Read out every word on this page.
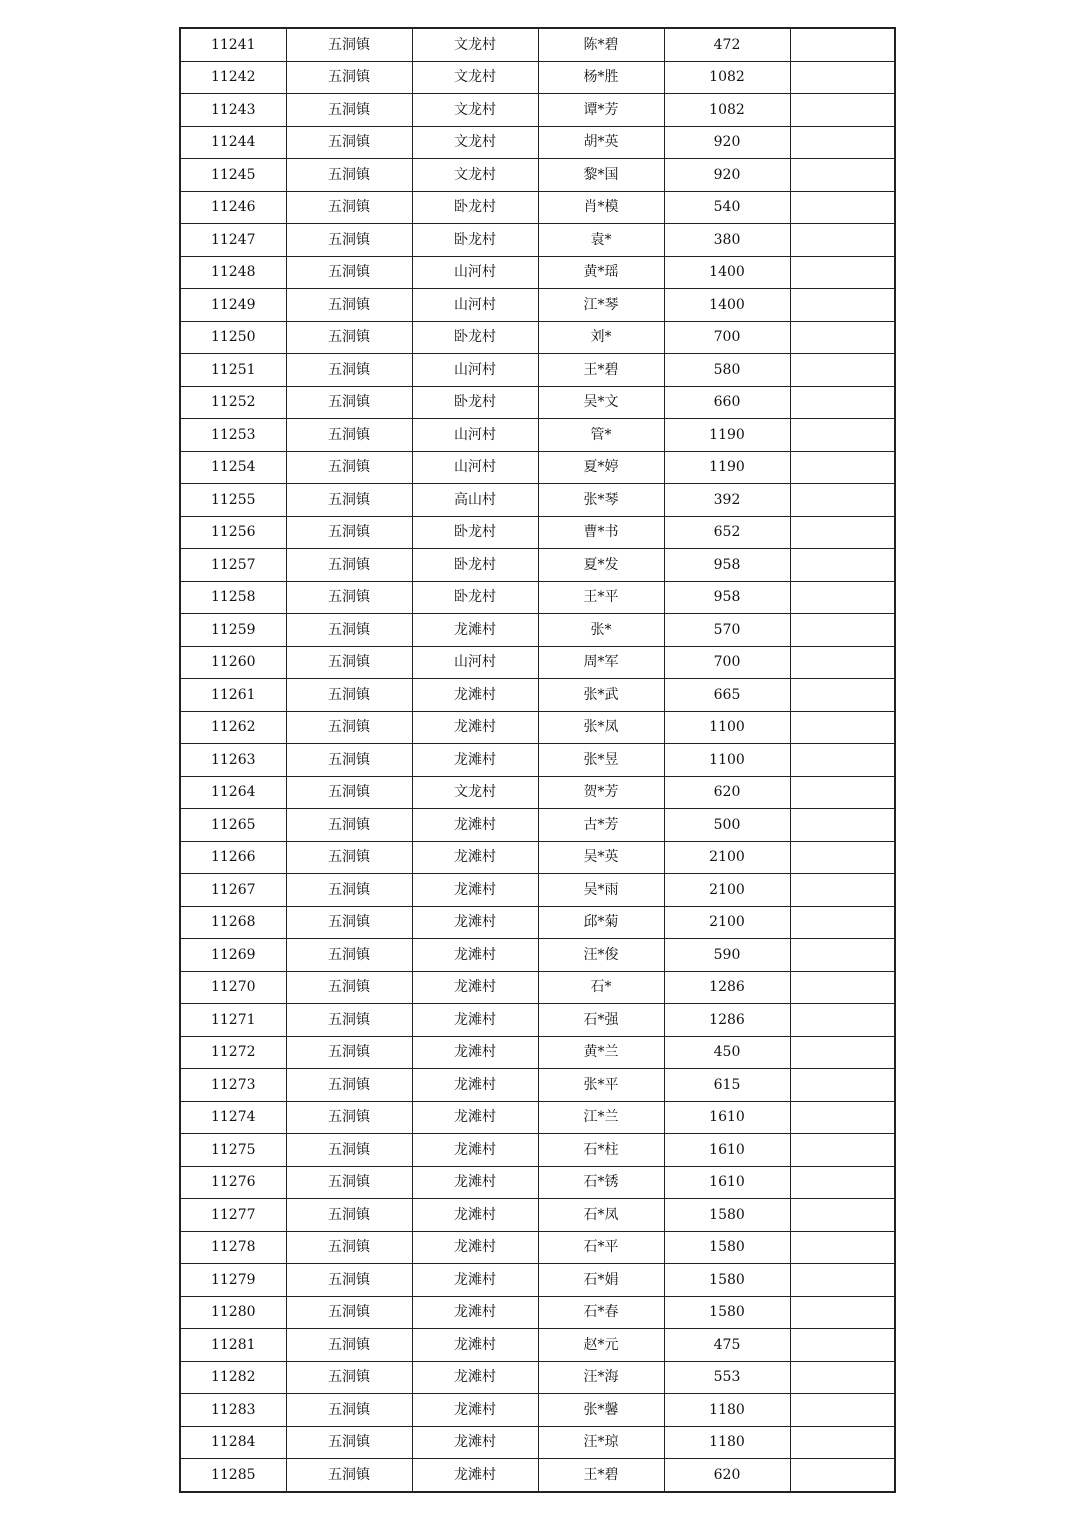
11241	五洞镇	文龙村	陈*碧	472	
11242	五洞镇	文龙村	杨*胜	1082	
11243	五洞镇	文龙村	谭*芳	1082	
11244	五洞镇	文龙村	胡*英	920	
11245	五洞镇	文龙村	黎*国	920	
11246	五洞镇	卧龙村	肖*模	540	
11247	五洞镇	卧龙村	袁*	380	
11248	五洞镇	山河村	黄*瑶	1400	
11249	五洞镇	山河村	江*琴	1400	
11250	五洞镇	卧龙村	刘*	700	
11251	五洞镇	山河村	王*碧	580	
11252	五洞镇	卧龙村	吴*文	660	
11253	五洞镇	山河村	管*	1190	
11254	五洞镇	山河村	夏*婷	1190	
11255	五洞镇	高山村	张*琴	392	
11256	五洞镇	卧龙村	曹*书	652	
11257	五洞镇	卧龙村	夏*发	958	
11258	五洞镇	卧龙村	王*平	958	
11259	五洞镇	龙滩村	张*	570	
11260	五洞镇	山河村	周*军	700	
11261	五洞镇	龙滩村	张*武	665	
11262	五洞镇	龙滩村	张*凤	1100	
11263	五洞镇	龙滩村	张*昱	1100	
11264	五洞镇	文龙村	贺*芳	620	
11265	五洞镇	龙滩村	古*芳	500	
11266	五洞镇	龙滩村	吴*英	2100	
11267	五洞镇	龙滩村	吴*雨	2100	
11268	五洞镇	龙滩村	邱*菊	2100	
11269	五洞镇	龙滩村	汪*俊	590	
11270	五洞镇	龙滩村	石*	1286	
11271	五洞镇	龙滩村	石*强	1286	
11272	五洞镇	龙滩村	黄*兰	450	
11273	五洞镇	龙滩村	张*平	615	
11274	五洞镇	龙滩村	江*兰	1610	
11275	五洞镇	龙滩村	石*柱	1610	
11276	五洞镇	龙滩村	石*锈	1610	
11277	五洞镇	龙滩村	石*凤	1580	
11278	五洞镇	龙滩村	石*平	1580	
11279	五洞镇	龙滩村	石*娟	1580	
11280	五洞镇	龙滩村	石*春	1580	
11281	五洞镇	龙滩村	赵*元	475	
11282	五洞镇	龙滩村	汪*海	553	
11283	五洞镇	龙滩村	张*馨	1180	
11284	五洞镇	龙滩村	汪*琼	1180	
11285	五洞镇	龙滩村	王*碧	620	
